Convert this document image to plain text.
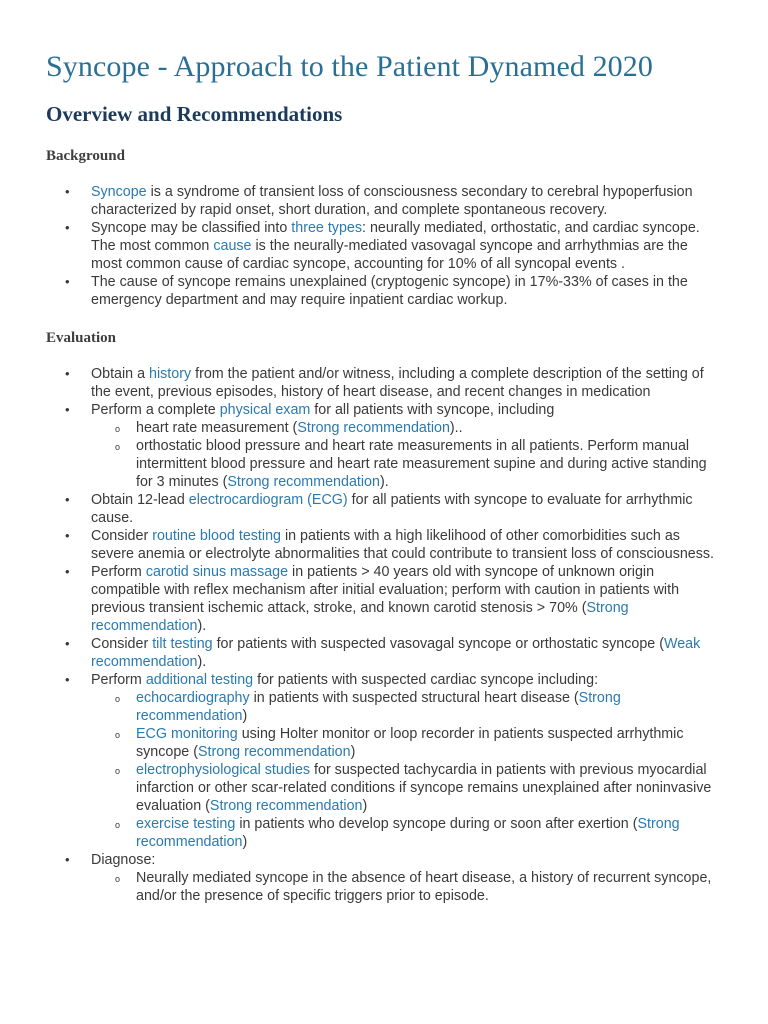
Syncope - Approach to the Patient Dynamed 2020
Overview and Recommendations
Background
• Syncope is a syndrome of transient loss of consciousness secondary to cerebral hypoperfusion characterized by rapid onset, short duration, and complete spontaneous recovery.
• Syncope may be classified into three types: neurally mediated, orthostatic, and cardiac syncope. The most common cause is the neurally-mediated vasovagal syncope and arrhythmias are the most common cause of cardiac syncope, accounting for 10% of all syncopal events .
• The cause of syncope remains unexplained (cryptogenic syncope) in 17%-33% of cases in the emergency department and may require inpatient cardiac workup.
Evaluation
• Obtain a history from the patient and/or witness, including a complete description of the setting of the event, previous episodes, history of heart disease, and recent changes in medication
• Perform a complete physical exam for all patients with syncope, including
o heart rate measurement (Strong recommendation)..
o orthostatic blood pressure and heart rate measurements in all patients. Perform manual intermittent blood pressure and heart rate measurement supine and during active standing for 3 minutes (Strong recommendation).
• Obtain 12-lead electrocardiogram (ECG) for all patients with syncope to evaluate for arrhythmic cause.
• Consider routine blood testing in patients with a high likelihood of other comorbidities such as severe anemia or electrolyte abnormalities that could contribute to transient loss of consciousness.
• Perform carotid sinus massage in patients > 40 years old with syncope of unknown origin compatible with reflex mechanism after initial evaluation; perform with caution in patients with previous transient ischemic attack, stroke, and known carotid stenosis > 70% (Strong recommendation).
• Consider tilt testing for patients with suspected vasovagal syncope or orthostatic syncope (Weak recommendation).
• Perform additional testing for patients with suspected cardiac syncope including:
o echocardiography in patients with suspected structural heart disease (Strong recommendation)
o ECG monitoring using Holter monitor or loop recorder in patients suspected arrhythmic syncope (Strong recommendation)
o electrophysiological studies for suspected tachycardia in patients with previous myocardial infarction or other scar-related conditions if syncope remains unexplained after noninvasive evaluation (Strong recommendation)
o exercise testing in patients who develop syncope during or soon after exertion (Strong recommendation)
• Diagnose:
o Neurally mediated syncope in the absence of heart disease, a history of recurrent syncope, and/or the presence of specific triggers prior to episode.
